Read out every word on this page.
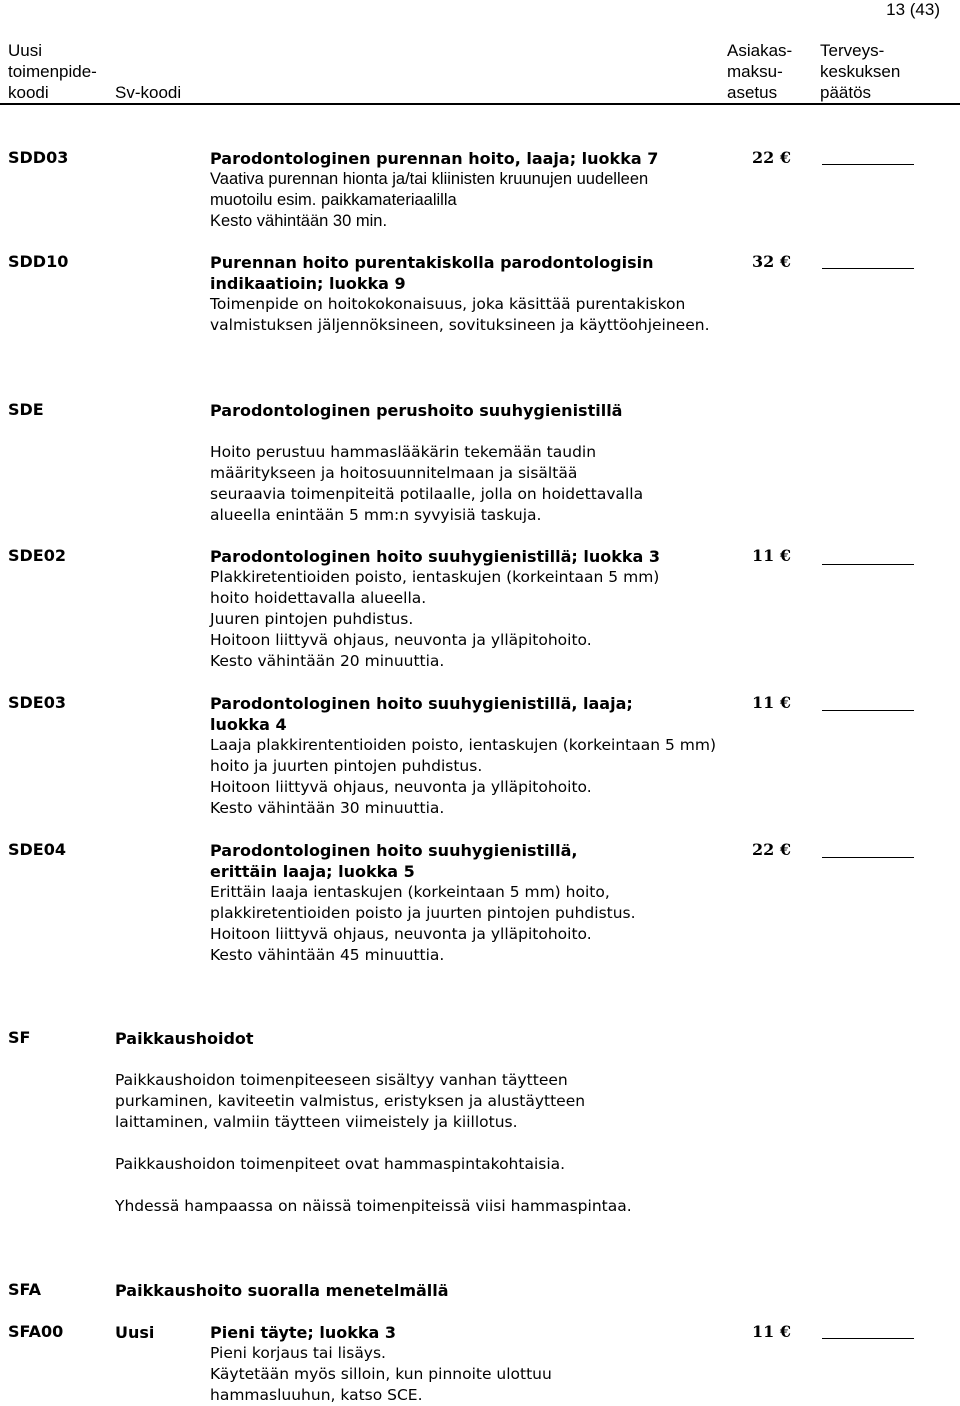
13 (43)
Uusi
toimenpide-
koodi	Sv-koodi
Asiakas-
maksu-
asetus
Terveys-
keskuksen
päätös
SDD03	Parodontologinen purennan hoito, laaja; luokka 7
Vaativa purennan hionta ja/tai kliinisten kruunujen uudelleen
muotoilu esim. paikkamateriaalilla
Kesto vähintään 30 min.
22 €
SDD10	Purennan hoito purentakiskolla parodontologisin
indikaatioin; luokka 9
Toimenpide on hoitokokonaisuus, joka käsittää purentakiskon
valmistuksen jäljennöksineen, sovituksineen ja käyttöohjeineen.
32 €
SDE	Parodontologinen perushoito suuhygienistillä
Hoito perustuu hammaslääkärin tekemään taudin
määritykseen ja hoitosuunnitelmaan ja sisältää
seuraavia toimenpiteitä potilaalle, jolla on hoidettavalla
alueella enintään 5 mm:n syvyisiä taskuja.
SDE02	Parodontologinen hoito suuhygienistillä; luokka 3
Plakkiretentioiden poisto, ientaskujen (korkeintaan 5 mm)
hoito hoidettavalla alueella.
Juuren pintojen puhdistus.
Hoitoon liittyvä ohjaus, neuvonta ja ylläpitohoito.
Kesto vähintään 20 minuuttia.
11 €
SDE03	Parodontologinen hoito suuhygienistillä, laaja;
luokka 4
Laaja plakkirententioiden poisto, ientaskujen (korkeintaan 5 mm)
hoito ja juurten pintojen puhdistus.
Hoitoon liittyvä ohjaus, neuvonta ja ylläpitohoito.
Kesto vähintään 30 minuuttia.
11 €
SDE04	Parodontologinen hoito suuhygienistillä,
erittäin laaja; luokka 5
Erittäin laaja ientaskujen (korkeintaan 5 mm) hoito,
plakkiretentioiden poisto ja juurten pintojen puhdistus.
Hoitoon liittyvä ohjaus, neuvonta ja ylläpitohoito.
Kesto vähintään 45 minuuttia.
22 €
SF	Paikkaushoidot
Paikkaushoidon toimenpiteeseen sisältyy vanhan täytteen
purkaminen, kaviteetin valmistus, eristyksen ja alustäytteen
laittaminen, valmiin täytteen viimeistely ja kiillotus.
Paikkaushoidon toimenpiteet ovat hammaspintakohtaisia.
Yhdessä hampaassa on näissä toimenpiteissä viisi hammaspintaa.
SFA	Paikkaushoito suoralla menetelmällä
SFA00	Uusi	Pieni täyte; luokka 3
Pieni korjaus tai lisäys.
Käytetään myös silloin, kun pinnoite ulottuu
hammasluuhun, katso SCE.
11 €
